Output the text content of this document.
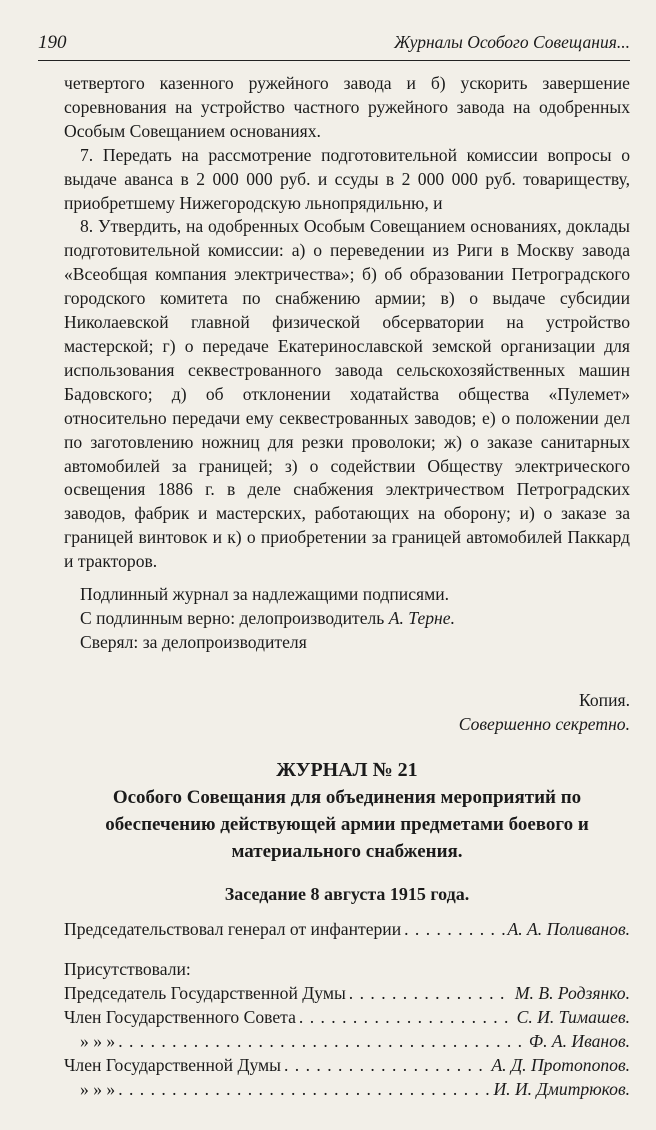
190	Журналы Особого Совещания...

четвертого казенного ружейного завода и б) ускорить завершение соревнования на устройство частного ружейного завода на одобренных Особым Совещанием основаниях.

7. Передать на рассмотрение подготовительной комиссии вопросы о выдаче аванса в 2 000 000 руб. и ссуды в 2 000 000 руб. товариществу, приобретшему Нижегородскую льнопрядильню, и

8. Утвердить, на одобренных Особым Совещанием основаниях, доклады подготовительной комиссии: а) о переведении из Риги в Москву завода «Всеобщая компания электричества»; б) об образовании Петроградского городского комитета по снабжению армии; в) о выдаче субсидии Николаевской главной физической обсерватории на устройство мастерской; г) о передаче Екатеринославской земской организации для использования секвестрованного завода сельскохозяйственных машин Бадовского; д) об отклонении ходатайства общества «Пулемет» относительно передачи ему секвестрованных заводов; е) о положении дел по заготовлению ножниц для резки проволоки; ж) о заказе санитарных автомобилей за границей; з) о содействии Обществу электрического освещения 1886 г. в деле снабжения электричеством Петроградских заводов, фабрик и мастерских, работающих на оборону; и) о заказе за границей винтовок и к) о приобретении за границей автомобилей Паккард и тракторов.

Подлинный журнал за надлежащими подписями.

С подлинным верно: делопроизводитель А. Терне.

Сверял: за делопроизводителя

Копия.

Совершенно секретно.

ЖУРНАЛ № 21
Особого Совещания для объединения мероприятий по обеспечению действующей армии предметами боевого и материального снабжения.
Заседание 8 августа 1915 года.
Председательствовал генерал от инфантерии . . .	А. А. Поливанов.

Присутствовали:

Председатель Государственной Думы . . .	М. В. Родзянко.
Член Государственного Совета . . .	С. И. Тимашев.
» » » . . .	Ф. А. Иванов.
Член Государственной Думы . . .	А. Д. Протопопов.
» » » . . .	И. И. Дмитрюков.
